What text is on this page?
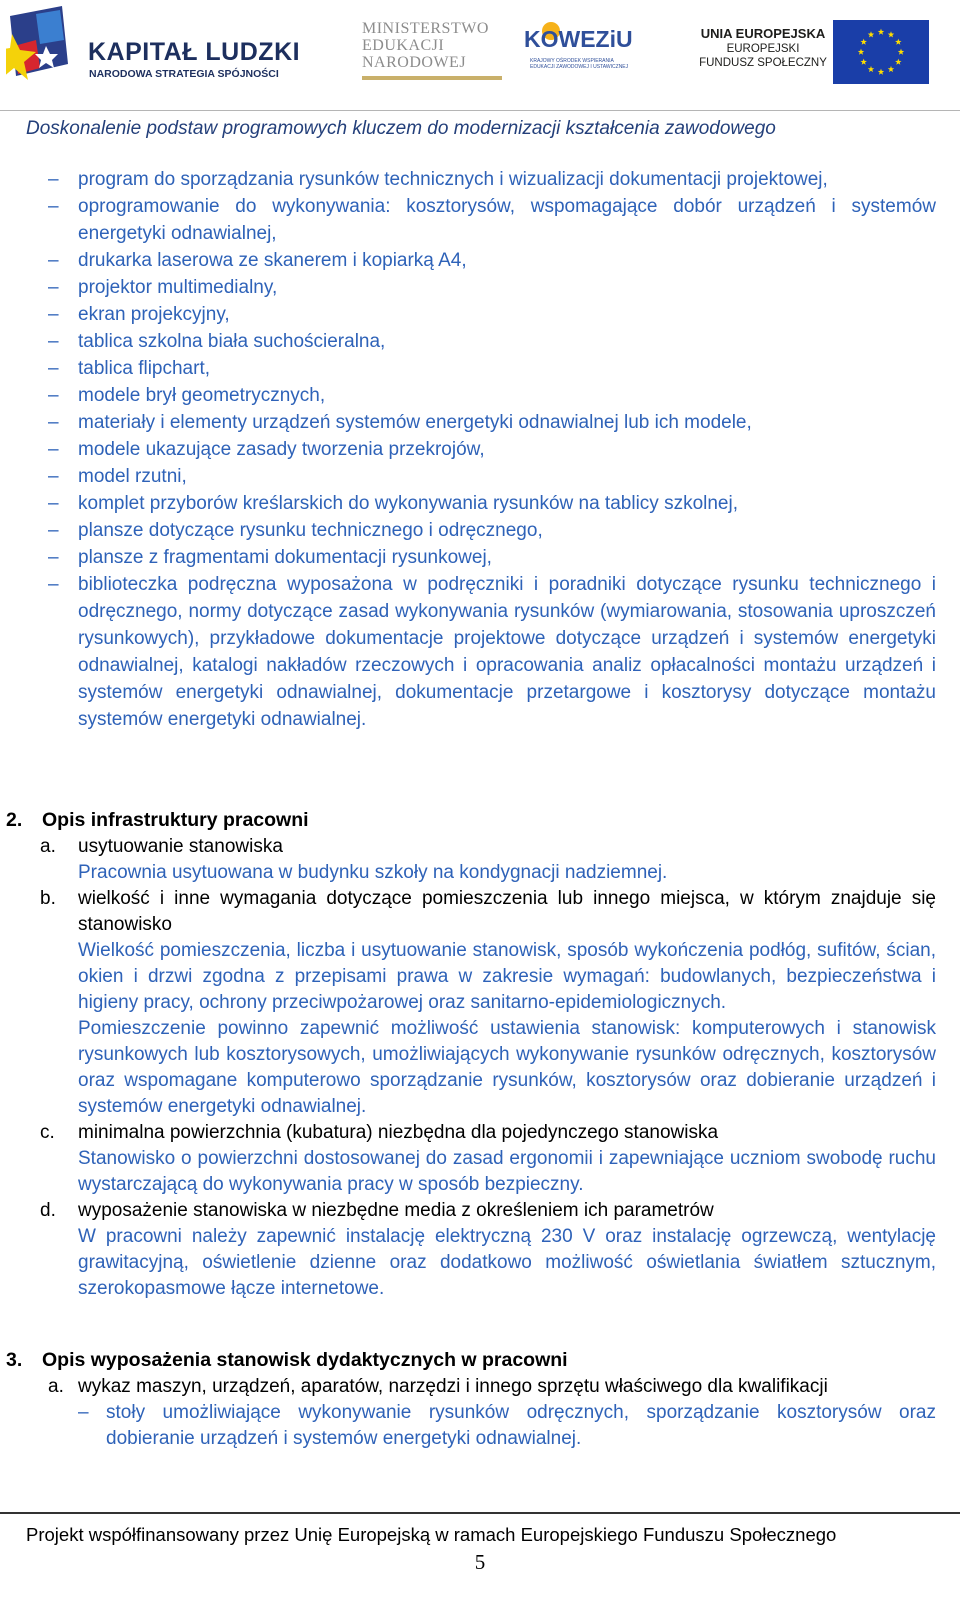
KAPITAŁ LUDZKI
NARODOWA STRATEGIA SPÓJNOŚCI
MINISTERSTWO
EDUKACJI
NARODOWEJ
KOWEZiU
KRAJOWY OŚRODEK WSPIERANIA
EDUKACJI ZAWODOWEJ I USTAWICZNEJ
UNIA EUROPEJSKA
EUROPEJSKI
FUNDUSZ SPOŁECZNY
Doskonalenie podstaw programowych kluczem do modernizacji kształcenia zawodowego
– program do sporządzania rysunków technicznych i wizualizacji dokumentacji projektowej,
– oprogramowanie do wykonywania: kosztorysów, wspomagające dobór urządzeń i systemów energetyki odnawialnej,
– drukarka laserowa ze skanerem i kopiarką A4,
– projektor multimedialny,
– ekran projekcyjny,
– tablica szkolna biała suchościeralna,
– tablica flipchart,
– modele brył geometrycznych,
– materiały i elementy urządzeń systemów energetyki odnawialnej lub ich modele,
– modele ukazujące zasady tworzenia przekrojów,
– model rzutni,
– komplet przyborów kreślarskich do wykonywania rysunków na tablicy szkolnej,
– plansze dotyczące rysunku technicznego i odręcznego,
– plansze z fragmentami dokumentacji rysunkowej,
– biblioteczka podręczna wyposażona w podręczniki i poradniki dotyczące rysunku technicznego i odręcznego, normy dotyczące zasad wykonywania rysunków (wymiarowania, stosowania uproszczeń rysunkowych), przykładowe dokumentacje projektowe dotyczące urządzeń i systemów energetyki odnawialnej, katalogi nakładów rzeczowych i opracowania analiz opłacalności montażu urządzeń i systemów energetyki odnawialnej, dokumentacje przetargowe i kosztorysy dotyczące montażu systemów energetyki odnawialnej.
2. Opis infrastruktury pracowni
a. usytuowanie stanowiska
Pracownia usytuowana w budynku szkoły na kondygnacji nadziemnej.
b. wielkość i inne wymagania dotyczące pomieszczenia lub innego miejsca, w którym znajduje się stanowisko
Wielkość pomieszczenia, liczba i usytuowanie stanowisk, sposób wykończenia podłóg, sufitów, ścian, okien i drzwi zgodna z przepisami prawa w zakresie wymagań: budowlanych, bezpieczeństwa i higieny pracy, ochrony przeciwpożarowej oraz sanitarno-epidemiologicznych.
Pomieszczenie powinno zapewnić możliwość ustawienia stanowisk: komputerowych i stanowisk rysunkowych lub kosztorysowych, umożliwiających wykonywanie rysunków odręcznych, kosztorysów oraz wspomagane komputerowo sporządzanie rysunków, kosztorysów oraz dobieranie urządzeń i systemów energetyki odnawialnej.
c. minimalna powierzchnia (kubatura) niezbędna dla pojedynczego stanowiska
Stanowisko o powierzchni dostosowanej do zasad ergonomii i zapewniające uczniom swobodę ruchu wystarczającą do wykonywania pracy w sposób bezpieczny.
d. wyposażenie stanowiska w niezbędne media z określeniem ich parametrów
W pracowni należy zapewnić instalację elektryczną 230 V oraz instalację ogrzewczą, wentylację grawitacyjną, oświetlenie dzienne oraz dodatkowo możliwość oświetlania światłem sztucznym, szerokopasmowe łącze internetowe.
3. Opis wyposażenia stanowisk dydaktycznych w pracowni
a. wykaz maszyn, urządzeń, aparatów, narzędzi i innego sprzętu właściwego dla kwalifikacji
– stoły umożliwiające wykonywanie rysunków odręcznych, sporządzanie kosztorysów oraz dobieranie urządzeń i systemów energetyki odnawialnej.
Projekt współfinansowany przez Unię Europejską w ramach Europejskiego Funduszu Społecznego
5
